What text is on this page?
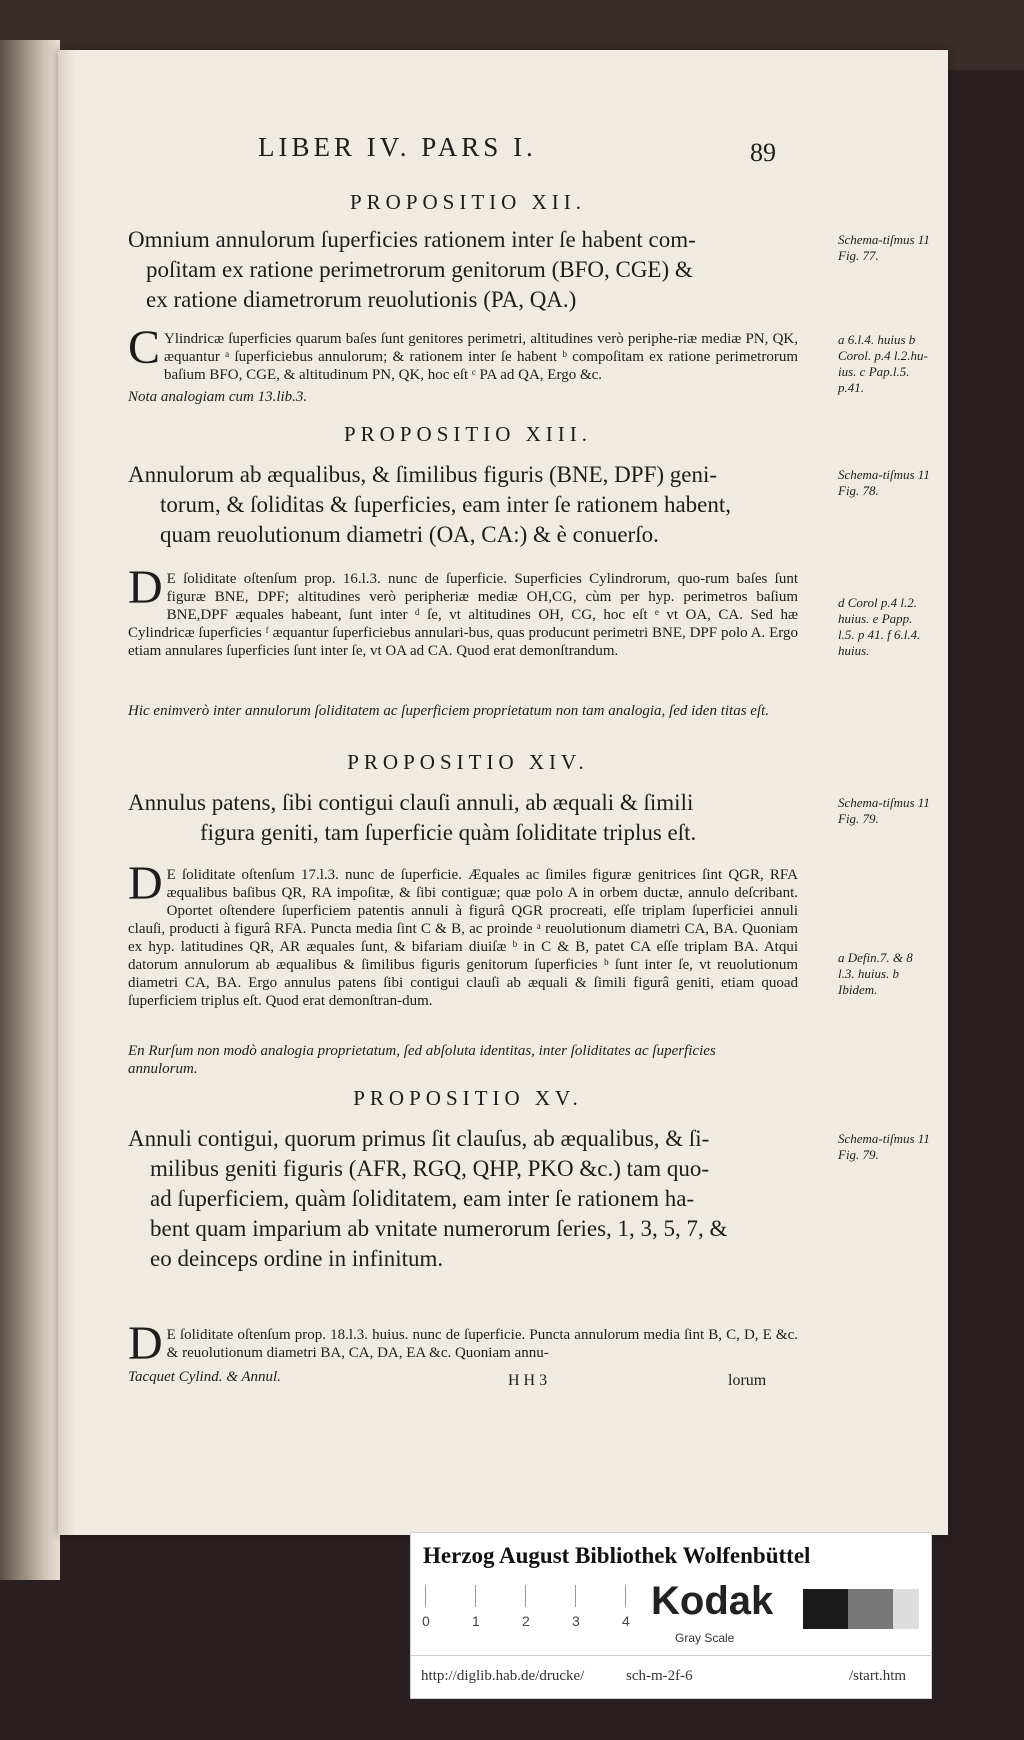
LIBER IV. PARS I.	89
PROPOSITIO XII.
Omnium annulorum ſuperficies rationem inter ſe habent com-
poſitam ex ratione perimetrorum genitorum (BFO, CGE) &
ex ratione diametrorum reuolutionis (PA, QA.)
Schema-tiſmus 11 Fig. 77.
C Ylindricæ ſuperficies quarum baſes ſunt genitores perimetri, altitudines verò periphe-riæ mediæ PN, QK, æquantur ᵃ ſuperficiebus annulorum; & rationem inter ſe habent ᵇ compoſitam ex ratione perimetrorum baſium BFO, CGE, & altitudinum PN, QK, hoc eſt ᶜ PA ad QA, Ergo &c.
Nota analogiam cum 13.lib.3.
a 6.l.4. huius b Corol. p.4 l.2.hu-ius. c Pap.l.5. p.41.
PROPOSITIO XIII.
Annulorum ab æqualibus, & ſimilibus figuris (BNE, DPF) geni-
torum, & ſoliditas & ſuperficies, eam inter ſe rationem habent,
quam reuolutionum diametri (OA, CA:) & è conuerſo.
Schema-tiſmus 11 Fig. 78.
D E ſoliditate oſtenſum prop. 16.l.3. nunc de ſuperficie. Superficies Cylindrorum, quo-rum baſes ſunt figuræ BNE, DPF; altitudines verò peripheriæ mediæ OH,CG, cùm per hyp. perimetros baſium BNE,DPF æquales habeant, ſunt inter ᵈ ſe, vt altitudines OH, CG, hoc eſt ᵉ vt OA, CA. Sed hæ Cylindricæ ſuperficies ᶠ æquantur ſuperficiebus annulari-bus, quas producunt perimetri BNE, DPF polo A. Ergo etiam annulares ſuperficies ſunt inter ſe, vt OA ad CA. Quod erat demonſtrandum.
Hic enimverò inter annulorum ſoliditatem ac ſuperficiem proprietatum non tam analogia, ſed iden titas eſt.
d Corol p.4 l.2. huius. e Papp. l.5. p 41. f 6.l.4. huius.
PROPOSITIO XIV.
Annulus patens, ſibi contigui clauſi annuli, ab æquali & ſimili
figura geniti, tam ſuperficie quàm ſoliditate triplus eſt.
Schema-tiſmus 11 Fig. 79.
D E ſoliditate oſtenſum 17.l.3. nunc de ſuperficie. Æquales ac ſimiles figuræ genitrices ſint QGR, RFA æqualibus baſibus QR, RA impoſitæ, & ſibi contiguæ; quæ polo A in orbem ductæ, annulo deſcribant. Oportet oſtendere ſuperficiem patentis annuli à figurâ QGR procreati, eſſe triplam ſuperficiei annuli clauſi, producti à figurâ RFA. Puncta media ſint C & B, ac proinde ᵃ reuolutionum diametri CA, BA. Quoniam ex hyp. latitudines QR, AR æquales ſunt, & bifariam diuiſæ ᵇ in C & B, patet CA eſſe triplam BA. Atqui datorum annulorum ab æqualibus & ſimilibus figuris genitorum ſuperficies ᵇ ſunt inter ſe, vt reuolutionum diametri CA, BA. Ergo annulus patens ſibi contigui clauſi ab æquali & ſimili figurâ geniti, etiam quoad ſuperficiem triplus eſt. Quod erat demonſtran-dum.
En Rurſum non modò analogia proprietatum, ſed abſoluta identitas, inter ſoliditates ac ſuperficies annulorum.
a Defin.7. & 8 l.3. huius. b Ibidem.
PROPOSITIO XV.
Annuli contigui, quorum primus ſit clauſus, ab æqualibus, & ſi-
milibus geniti figuris (AFR, RGQ, QHP, PKO &c.) tam quo-
ad ſuperficiem, quàm ſoliditatem, eam inter ſe rationem ha-
bent quam imparium ab vnitate numerorum ſeries, 1, 3, 5, 7, &
eo deinceps ordine in infinitum.
Schema-tiſmus 11 Fig. 79.
D E ſoliditate oſtenſum prop. 18.l.3. huius. nunc de ſuperficie. Puncta annulorum media ſint B, C, D, E &c. & reuolutionum diametri BA, CA, DA, EA &c. Quoniam annu-
Tacquet Cylind. & Annul.	H H 3	lorum
Herzog August Bibliothek Wolfenbüttel
0	1	2	3	4 Kodak
Gray Scale
http://diglib.hab.de/drucke/	sch-m-2f-6	/start.htm
